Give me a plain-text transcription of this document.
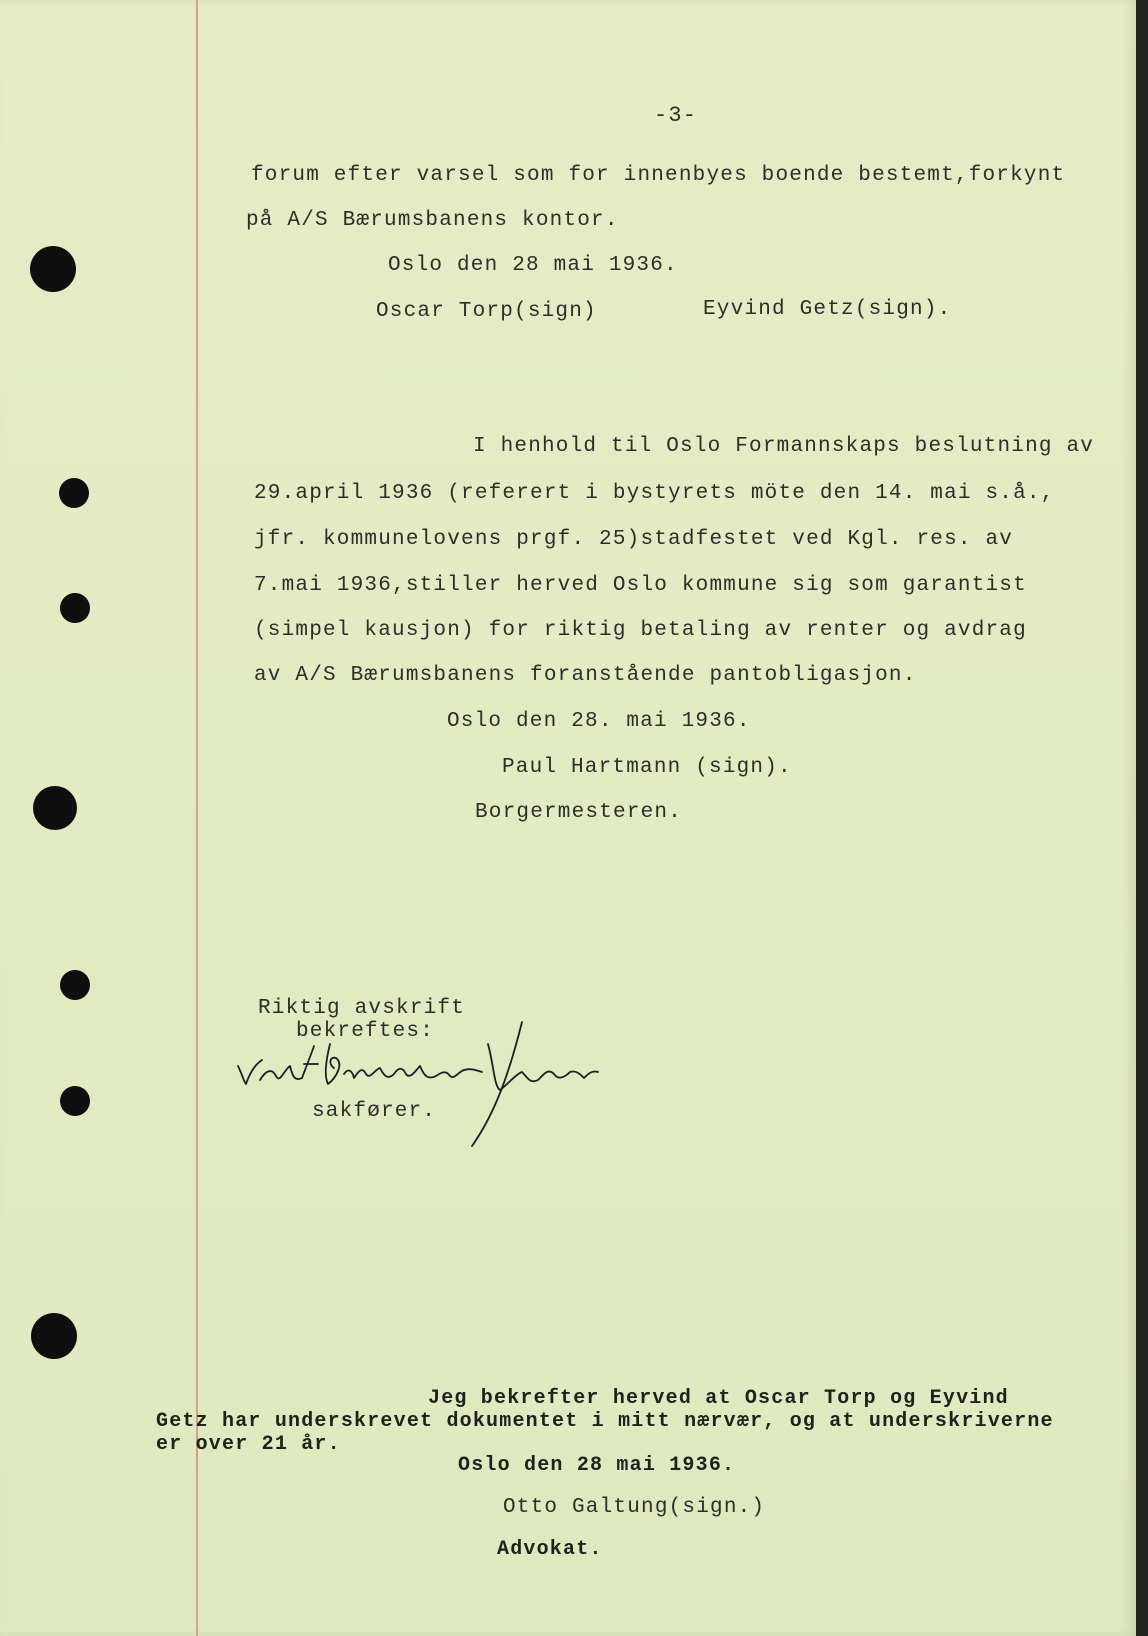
-3-

forum efter varsel som for innenbyes boende bestemt,forkynt

på A/S Bærumsbanens kontor.

Oslo den 28 mai 1936.

Oscar Torp(sign)	Eyvind Getz(sign).

I henhold til Oslo Formannskaps beslutning av

29.april 1936 (referert i bystyrets möte den 14. mai s.å.,

jfr. kommunelovens prgf. 25)stadfestet ved Kgl. res. av

7.mai 1936,stiller herved Oslo kommune sig som garantist

(simpel kausjon) for riktig betaling av renter og avdrag

av A/S Bærumsbanens foranstående pantobligasjon.

Oslo den 28. mai 1936.

Paul Hartmann (sign).

Borgermesteren.

Riktig avskrift

bekreftes:

sakfører.

Jeg bekrefter herved at Oscar Torp og Eyvind

Getz har underskrevet dokumentet i mitt nærvær, og at underskriverne

er over 21 år.

Oslo den 28 mai 1936.

Otto Galtung(sign.)

Advokat.
